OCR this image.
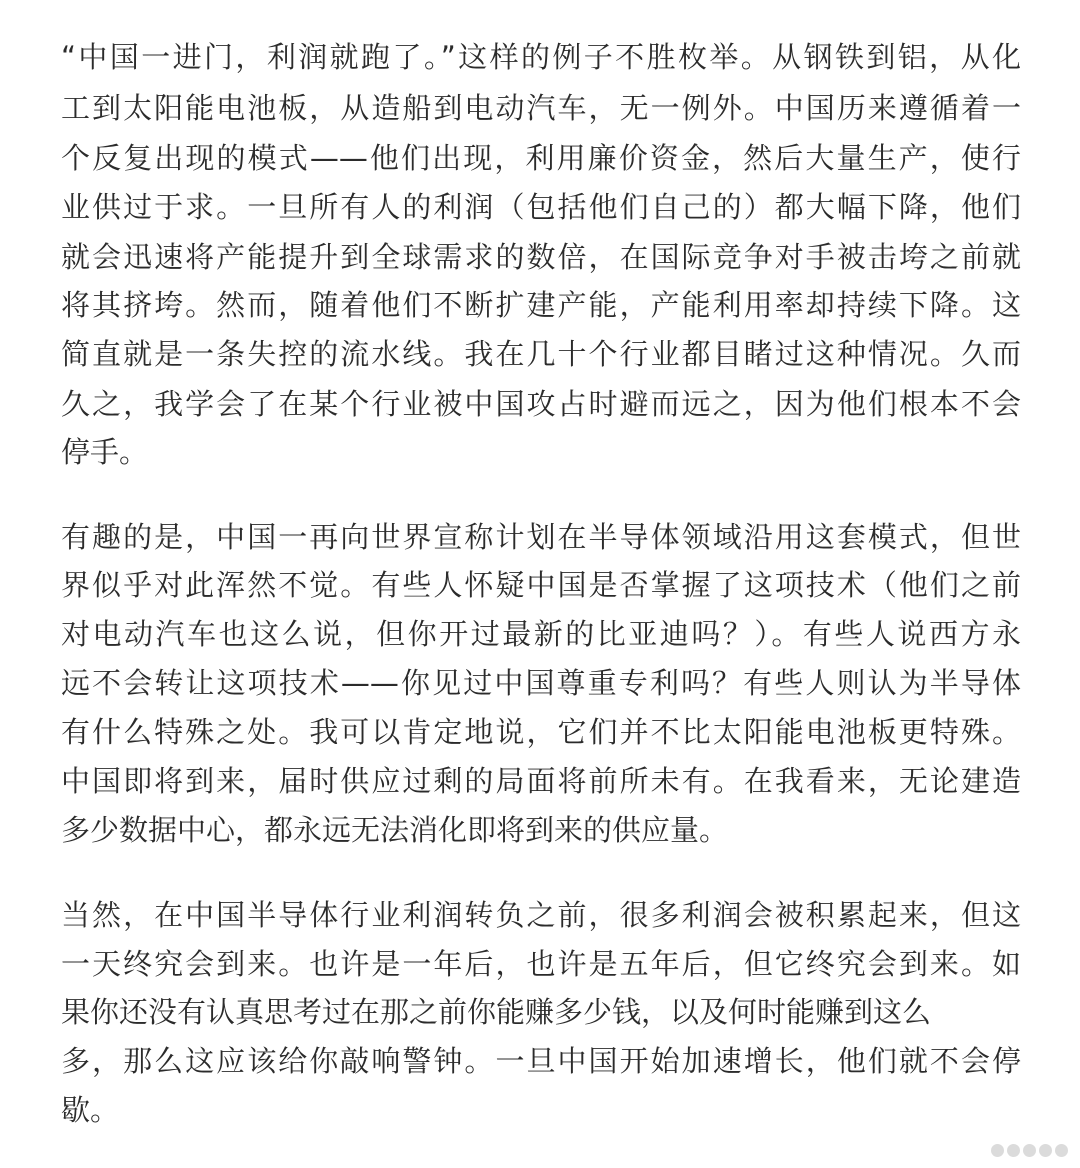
“中国一进门，利润就跑了。”这样的例子不胜枚举。从钢铁到铝，从化
工到太阳能电池板，从造船到电动汽车，无一例外。中国历来遵循着一
个反复出现的模式——他们出现，利用廉价资金，然后大量生产，使行
业供过于求。一旦所有人的利润（包括他们自己的）都大幅下降，他们
就会迅速将产能提升到全球需求的数倍，在国际竞争对手被击垮之前就
将其挤垮。然而，随着他们不断扩建产能，产能利用率却持续下降。这
简直就是一条失控的流水线。我在几十个行业都目睹过这种情况。久而
久之，我学会了在某个行业被中国攻占时避而远之，因为他们根本不会
停手。
有趣的是，中国一再向世界宣称计划在半导体领域沿用这套模式，但世
界似乎对此浑然不觉。有些人怀疑中国是否掌握了这项技术（他们之前
对电动汽车也这么说，但你开过最新的比亚迪吗？）。有些人说西方永
远不会转让这项技术——你见过中国尊重专利吗？有些人则认为半导体
有什么特殊之处。我可以肯定地说，它们并不比太阳能电池板更特殊。
中国即将到来，届时供应过剩的局面将前所未有。在我看来，无论建造
多少数据中心，都永远无法消化即将到来的供应量。
当然，在中国半导体行业利润转负之前，很多利润会被积累起来，但这
一天终究会到来。也许是一年后，也许是五年后，但它终究会到来。如
果你还没有认真思考过在那之前你能赚多少钱，以及何时能赚到这么
多，那么这应该给你敲响警钟。一旦中国开始加速增长，他们就不会停
歇。
